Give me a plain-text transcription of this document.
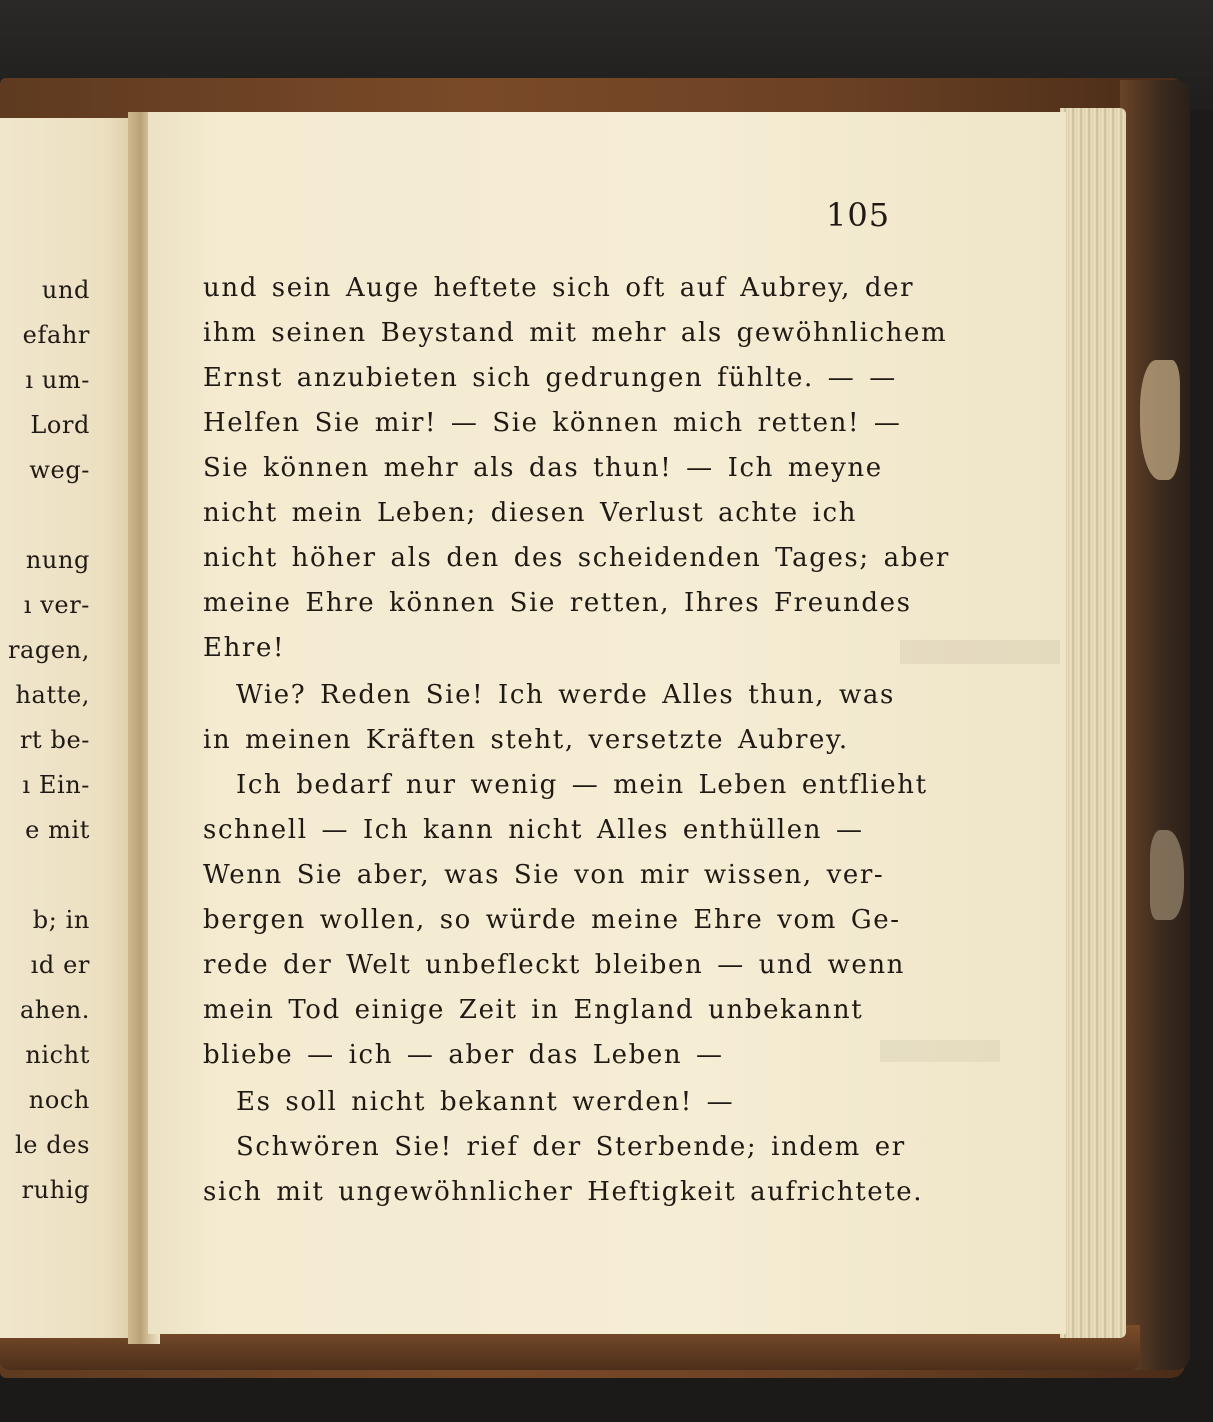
und
efahr
ı um-
Lord
weg-
nung
ı ver-
ragen,
hatte,
rt be-
ı Ein-
e mit
b; in
ıd er
ahen.
nicht
noch
le des
ruhig
105
und sein Auge heftete sich oft auf Aubrey, der
ihm seinen Beystand mit mehr als gewöhnlichem
Ernst anzubieten sich gedrungen fühlte. — —
Helfen Sie mir! — Sie können mich retten! —
Sie können mehr als das thun! — Ich meyne
nicht mein Leben; diesen Verlust achte ich
nicht höher als den des scheidenden Tages; aber
meine Ehre können Sie retten, Ihres Freundes
Ehre!
Wie? Reden Sie! Ich werde Alles thun, was
in meinen Kräften steht, versetzte Aubrey.
Ich bedarf nur wenig — mein Leben entflieht
schnell — Ich kann nicht Alles enthüllen —
Wenn Sie aber, was Sie von mir wissen, ver-
bergen wollen, so würde meine Ehre vom Ge-
rede der Welt unbefleckt bleiben — und wenn
mein Tod einige Zeit in England unbekannt
bliebe — ich — aber das Leben —
Es soll nicht bekannt werden! —
Schwören Sie! rief der Sterbende; indem er
sich mit ungewöhnlicher Heftigkeit aufrichtete.
